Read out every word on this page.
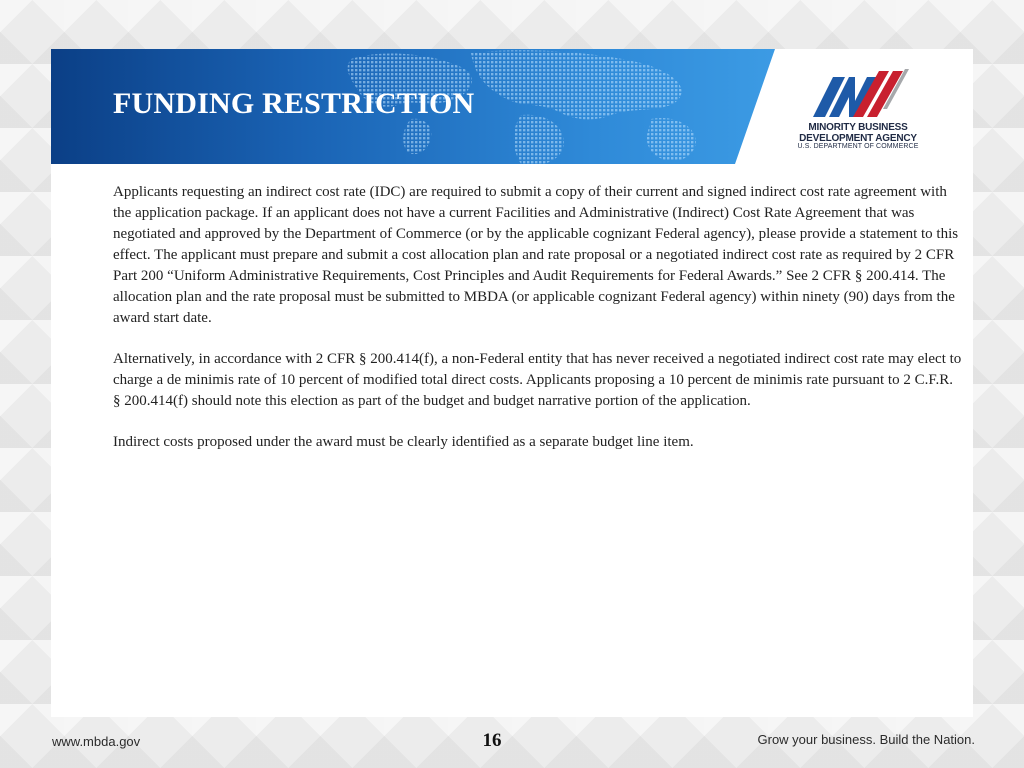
FUNDING RESTRICTION
MINORITY BUSINESS
DEVELOPMENT AGENCY
U.S. DEPARTMENT OF COMMERCE

Applicants requesting an indirect cost rate (IDC) are required to submit a copy of their current and signed indirect cost rate agreement with the application package. If an applicant does not have a current Facilities and Administrative (Indirect) Cost Rate Agreement that was negotiated and approved by the Department of Commerce (or by the applicable cognizant Federal agency), please provide a statement to this effect. The applicant must prepare and submit a cost allocation plan and rate proposal or a negotiated indirect cost rate as required by 2 CFR Part 200 “Uniform Administrative Requirements, Cost Principles and Audit Requirements for Federal Awards.” See 2 CFR § 200.414. The allocation plan and the rate proposal must be submitted to MBDA (or applicable cognizant Federal agency) within ninety (90) days from the award start date.

Alternatively, in accordance with 2 CFR § 200.414(f), a non-Federal entity that has never received a negotiated indirect cost rate may elect to charge a de minimis rate of 10 percent of modified total direct costs. Applicants proposing a 10 percent de minimis rate pursuant to 2 C.F.R. § 200.414(f) should note this election as part of the budget and budget narrative portion of the application.

Indirect costs proposed under the award must be clearly identified as a separate budget line item.

www.mbda.gov	16	Grow your business. Build the Nation.
